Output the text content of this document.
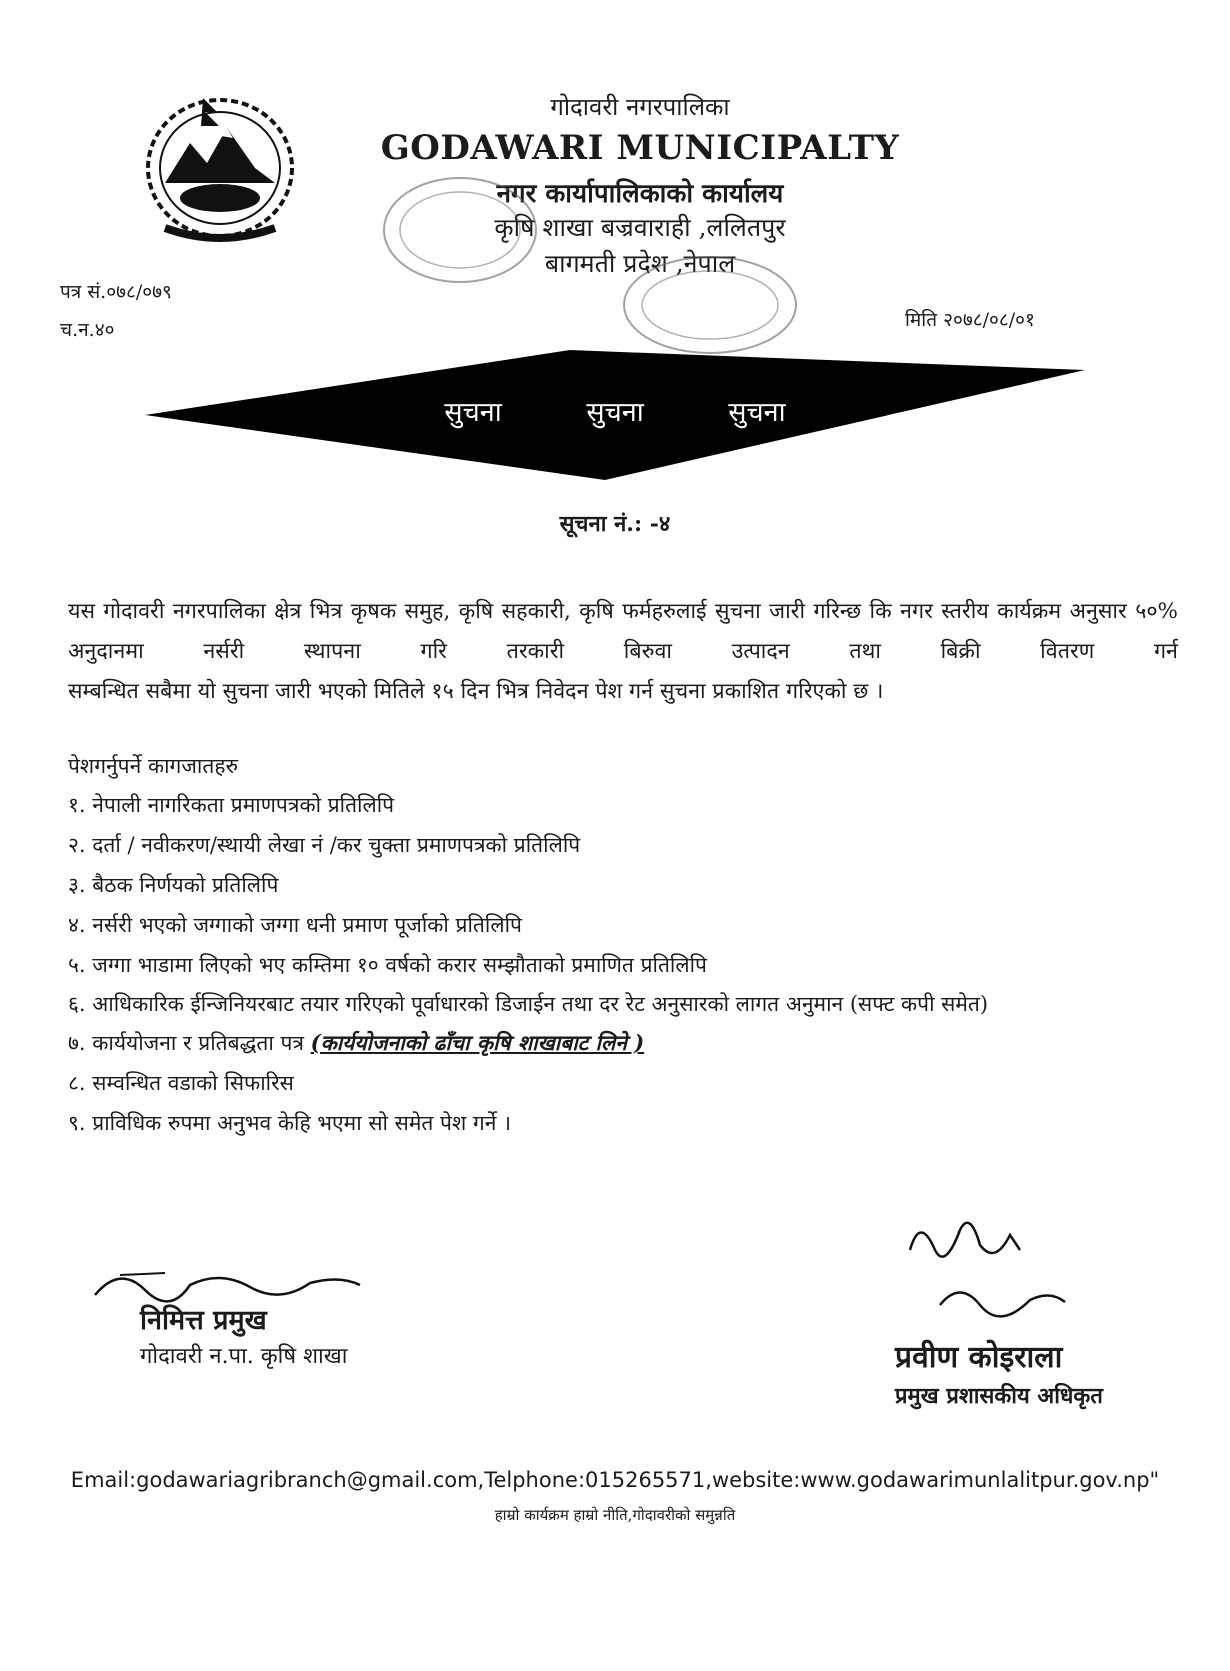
गोदावरी नगरपालिका
GODAWARI MUNICIPALTY
नगर कार्यापालिकाको कार्यालय
कृषि शाखा बज्रवाराही ,ललितपुर
बागमती प्रदेश ,नेपाल
पत्र सं.०७८/०७९
च.न.४०	मिति २०७८/०८/०१
सुचना	सुचना	सुचना
सूचना नं.: -४
यस गोदावरी नगरपालिका क्षेत्र भित्र कृषक समुह, कृषि सहकारी, कृषि फर्महरुलाई सुचना जारी गरिन्छ कि नगर स्तरीय कार्यक्रम अनुसार ५०% अनुदानमा नर्सरी स्थापना गरि तरकारी बिरुवा उत्पादन तथा बिक्री वितरण गर्न
सम्बन्धित सबैमा यो सुचना जारी भएको मितिले १५ दिन भित्र निवेदन पेश गर्न सुचना प्रकाशित गरिएको छ ।
पेशगर्नुपर्ने कागजातहरु
१. नेपाली नागरिकता प्रमाणपत्रको प्रतिलिपि
२. दर्ता / नवीकरण/स्थायी लेखा नं /कर चुक्ता प्रमाणपत्रको प्रतिलिपि
३. बैठक निर्णयको प्रतिलिपि
४. नर्सरी भएको जग्गाको जग्गा धनी प्रमाण पूर्जाको प्रतिलिपि
५. जग्गा भाडामा लिएको भए कम्तिमा १० वर्षको करार सम्झौताको प्रमाणित प्रतिलिपि
६. आधिकारिक ईन्जिनियरबाट तयार गरिएको पूर्वाधारको डिजाईन तथा दर रेट अनुसारको लागत अनुमान (सफ्ट कपी समेत)
७. कार्ययोजना र प्रतिबद्धता पत्र (कार्ययोजनाको ढाँचा कृषि शाखाबाट लिने )
८. सम्वन्धित वडाको सिफारिस
९. प्राविधिक रुपमा अनुभव केहि भएमा सो समेत पेश गर्ने ।
निमित्त प्रमुख
गोदावरी न.पा. कृषि शाखा	प्रवीण कोइराला
प्रमुख प्रशासकीय अधिकृत
Email:godawariagribranch@gmail.com,Telphone:015265571,website:www.godawarimunlalitpur.gov.np"
हाम्रो कार्यक्रम हाम्रो नीति,गोदावरीको समुन्नति
